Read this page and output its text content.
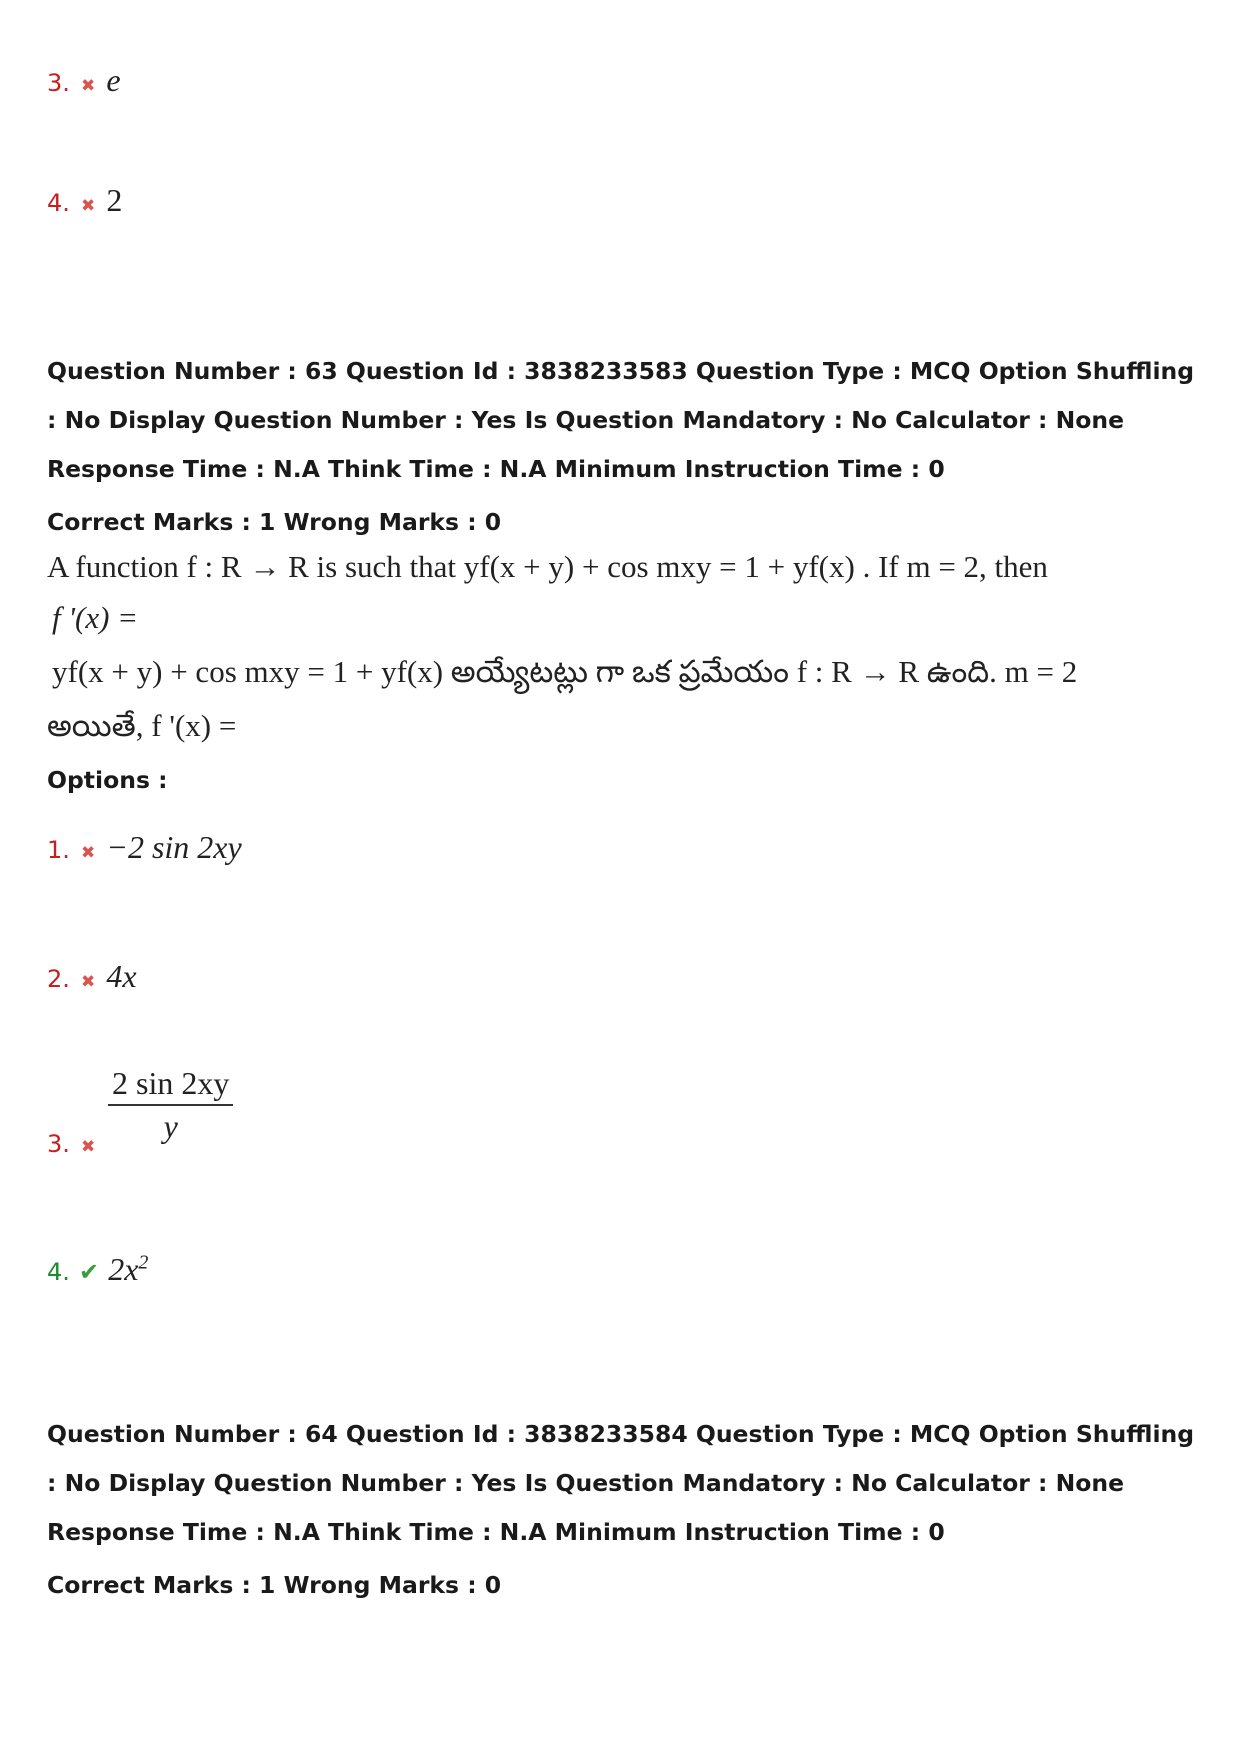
3. ✖ e
4. ✖ 2
Question Number : 63 Question Id : 3838233583 Question Type : MCQ Option Shuffling : No Display Question Number : Yes Is Question Mandatory : No Calculator : None Response Time : N.A Think Time : N.A Minimum Instruction Time : 0
Correct Marks : 1 Wrong Marks : 0
A function f : R → R is such that yf(x + y) + cos mxy = 1 + yf(x) . If m = 2, then
f '(x) =
yf(x + y) + cos mxy = 1 + yf(x) అయ్యేటట్లు గా ఒక ప్రమేయం f : R → R ఉంది. m = 2
అయితే, f '(x) =
Options :
1. ✖ −2 sin 2xy
2. ✖ 4x
3. ✖
$\frac{2 \sin 2xy}{y}$
4. ✔ $2x^2$
Question Number : 64 Question Id : 3838233584 Question Type : MCQ Option Shuffling : No Display Question Number : Yes Is Question Mandatory : No Calculator : None Response Time : N.A Think Time : N.A Minimum Instruction Time : 0
Correct Marks : 1 Wrong Marks : 0
